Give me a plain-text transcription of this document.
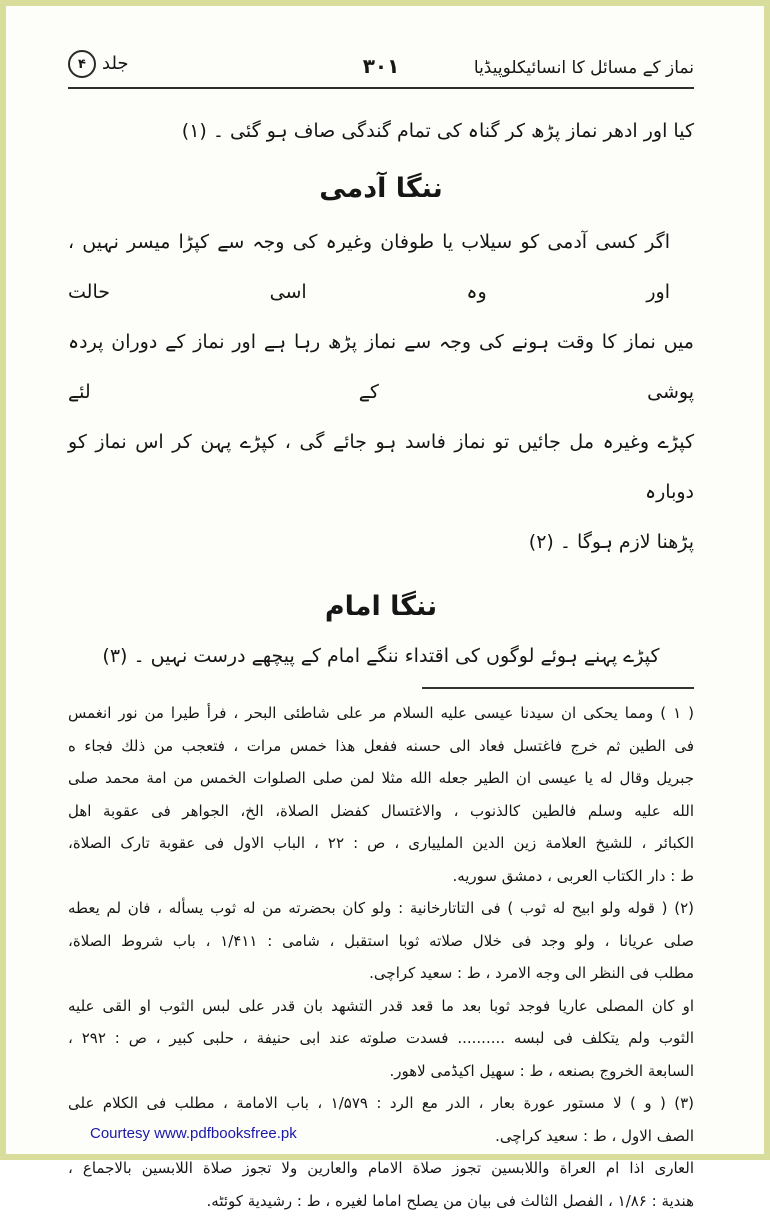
نماز کے مسائل کا انسائیکلوپیڈیا
۳۰۱
جلد
۴
کیا اور ادھر نماز پڑھ کر گناہ کی تمام گندگی صاف ہو گئی ۔ (۱)
ننگا آدمی
اگر کسی آدمی کو سیلاب یا طوفان وغیرہ کی وجہ سے کپڑا میسر نہیں ، اور وہ اسی حالت
میں نماز کا وقت ہونے کی وجہ سے نماز پڑھ رہا ہے اور نماز کے دوران پردہ پوشی کے لئے
کپڑے وغیرہ مل جائیں تو نماز فاسد ہو جائے گی ، کپڑے پہن کر اس نماز کو دوبارہ
پڑھنا لازم ہوگا ۔ (۲)
ننگا امام
کپڑے پہنے ہوئے لوگوں کی اقتداء ننگے امام کے پیچھے درست نہیں ۔ (۳)
( ۱ ) ومما يحكى ان سيدنا عيسى عليه السلام مر على شاطئى البحر ، فرأ طيرا من نور انغمس
فى الطين ثم خرج فاغتسل فعاد الى حسنه ففعل هذا خمس مرات ، فتعجب من ذلك فجاء ه
جبريل وقال له يا عيسى ان الطير جعله الله مثلا لمن صلى الصلوات الخمس من امة محمد صلى
الله عليه وسلم فالطين كالذنوب ، والاغتسال كفضل الصلاة، الخ، الجواهر فى عقوبة اهل
الكبائر ، للشيخ العلامة زين الدين الملييارى ، ص : ۲۲ ، الباب الاول فى عقوبة تارک الصلاة،
ط : دار الكتاب العربى ، دمشق سوريه.
(۲) ( قوله ولو ابيح له ثوب ) فى التاتارخانية : ولو كان بحضرته من له ثوب يسأله ، فان لم يعطه
صلى عريانا ، ولو وجد فى خلال صلاته ثوبا استقبل ، شامى : ۱/۴۱۱ ، باب شروط الصلاة،
مطلب فى النظر الى وجه الامرد ، ط : سعيد کراچى.
او كان المصلى عاريا فوجد ثوبا بعد ما قعد قدر التشهد بان قدر على لبس الثوب او القى عليه
الثوب ولم يتكلف فى لبسه .......... فسدت صلوته عند ابى حنيفة ، حلبى كبير ، ص : ۲۹۲ ،
السابعة الخروج بصنعه ، ط : سهيل اکيڈمى لاهور.
(۳) ( و ) لا مستور عورة بعار ، الدر مع الرد : ۱/۵۷۹ ، باب الامامة ، مطلب فى الكلام على
الصف الاول ، ط : سعيد کراچى.
العارى اذا ام العراة واللابسين تجوز صلاة الامام والعارين ولا تجوز صلاة اللابسين بالاجماع ،
هندية : ۱/۸۶ ، الفصل الثالث فى بيان من يصلح اماما لغيره ، ط : رشيدية کوئٹه.
Courtesy www.pdfbooksfree.pk
